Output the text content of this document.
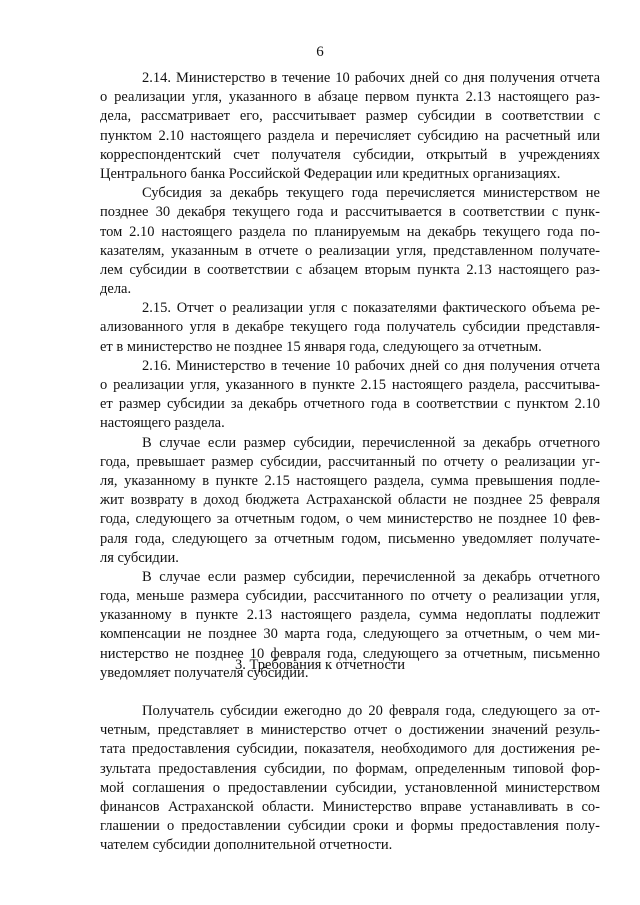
6
2.14. Министерство в течение 10 рабочих дней со дня получения отчета
о реализации угля, указанного в абзаце первом пункта 2.13 настоящего раз-
дела, рассматривает его, рассчитывает размер субсидии в соответствии с
пунктом 2.10 настоящего раздела и перечисляет субсидию на расчетный или
корреспондентский счет получателя субсидии, открытый в учреждениях
Центрального банка Российской Федерации или кредитных организациях.
Субсидия за декабрь текущего года перечисляется министерством не
позднее 30 декабря текущего года и рассчитывается в соответствии с пунк-
том 2.10 настоящего раздела по планируемым на декабрь текущего года по-
казателям, указанным в отчете о реализации угля, представленном получате-
лем субсидии в соответствии с абзацем вторым пункта 2.13 настоящего раз-
дела.
2.15. Отчет о реализации угля с показателями фактического объема ре-
ализованного угля в декабре текущего года получатель субсидии представля-
ет в министерство не позднее 15 января года, следующего за отчетным.
2.16. Министерство в течение 10 рабочих дней со дня получения отчета
о реализации угля, указанного в пункте 2.15 настоящего раздела, рассчитыва-
ет размер субсидии за декабрь отчетного года в соответствии с пунктом 2.10
настоящего раздела.
В случае если размер субсидии, перечисленной за декабрь отчетного
года, превышает размер субсидии, рассчитанный по отчету о реализации уг-
ля, указанному в пункте 2.15 настоящего раздела, сумма превышения подле-
жит возврату в доход бюджета Астраханской области не позднее 25 февраля
года, следующего за отчетным годом, о чем министерство не позднее 10 фев-
раля года, следующего за отчетным годом, письменно уведомляет получате-
ля субсидии.
В случае если размер субсидии, перечисленной за декабрь отчетного
года, меньше размера субсидии, рассчитанного по отчету о реализации угля,
указанному в пункте 2.13 настоящего раздела, сумма недоплаты подлежит
компенсации не позднее 30 марта года, следующего за отчетным, о чем ми-
нистерство не позднее 10 февраля года, следующего за отчетным, письменно
уведомляет получателя субсидии.
3. Требования к отчетности
Получатель субсидии ежегодно до 20 февраля года, следующего за от-
четным, представляет в министерство отчет о достижении значений резуль-
тата предоставления субсидии, показателя, необходимого для достижения ре-
зультата предоставления субсидии, по формам, определенным типовой фор-
мой соглашения о предоставлении субсидии, установленной министерством
финансов Астраханской области. Министерство вправе устанавливать в со-
глашении о предоставлении субсидии сроки и формы предоставления полу-
чателем субсидии дополнительной отчетности.
